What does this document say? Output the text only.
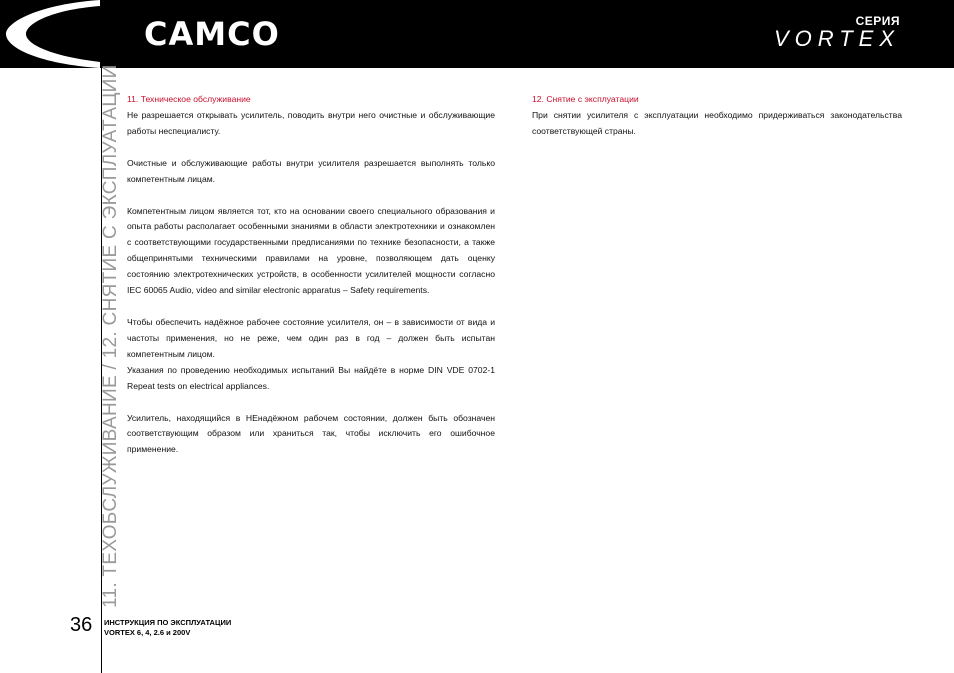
CAMCO	СЕРИЯ
VORTEX
11. ТЕХОБСЛУЖИВАНИЕ / 12. СНЯТИЕ С ЭКСПЛУАТАЦИИ
36 ИНСТРУКЦИЯ ПО ЭКСПЛУАТАЦИИ
VORTEX 6, 4, 2.6 и 200V
11. Техническое обслуживание

Не разрешается открывать усилитель, поводить внутри него очистные и обслуживающие работы неспециалисту.

Очистные и обслуживающие работы внутри усилителя разрешается выполнять только компетентным лицам.

Компетентным лицом является тот, кто на основании своего специального образования и опыта работы располагает особенными знаниями в области электротехники и ознакомлен с соответствующими государственными предписаниями по технике безопасности, а также общепринятыми техническими правилами на уровне, позволяющем дать оценку состоянию электротехнических устройств, в особенности усилителей мощности согласно IEC 60065 Audio, video and similar electronic apparatus – Safety requirements.

Чтобы обеспечить надёжное рабочее состояние усилителя, он – в зависимости от вида и частоты применения, но не реже, чем один раз в год – должен быть испытан компетентным лицом.

Указания по проведению необходимых испытаний Вы найдёте в норме DIN VDE 0702-1 Repeat tests on electrical appliances.

Усилитель, находящийся в НЕнадёжном рабочем состоянии, должен быть обозначен соответствующим образом или храниться так, чтобы исключить его ошибочное применение.

12. Снятие с эксплуатации

При снятии усилителя с эксплуатации необходимо придерживаться законодательства соответствующей страны.
